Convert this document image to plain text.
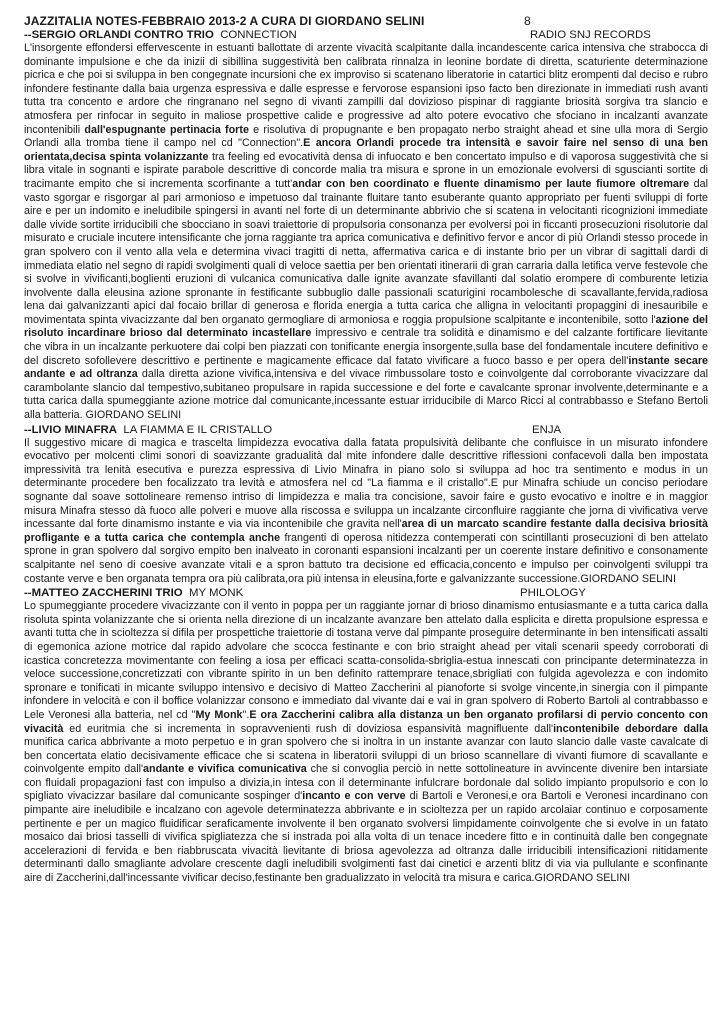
JAZZITALIA NOTES-FEBBRAIO 2013-2 A CURA DI GIORDANO SELINI	8
--SERGIO ORLANDI CONTRO TRIO CONNECTION	RADIO SNJ RECORDS
L'insorgente effondersi effervescente in estuanti ballottate di arzente vivacità scalpitante dalla incandescente carica intensiva che strabocca di dominante impulsione e che da inizii di sibillina suggestività ben calibrata rinnalza in leonine bordate di diretta, scaturiente determinazione picrica e che poi si sviluppa in ben congegnate incursioni che ex improviso si scatenano liberatorie in catartici blitz erompenti dal deciso e rubro infondere festinante dalla baia urgenza espressiva e dalle espresse e fervorose espansioni ipso facto ben direzionate in immediati rush avanti tutta tra concento e ardore che ringranano nel segno di vivanti zampilli dal dovizioso pispinar di raggiante briosità sorgiva tra slancio e atmosfera per rinfocar in seguito in maliose prospettive calide e progressive ad alto potere evocativo che sfociano in incalzanti avanzate incontenibili dall'espugnante pertinacia forte e risolutiva di propugnante e ben propagato nerbo straight ahead et sine ulla mora di Sergio Orlandi alla tromba tiene il campo nel cd "Connection".E ancora Orlandi procede tra intensità e savoir faire nel senso di una ben orientata,decisa spinta volanizzante tra feeling ed evocatività densa di infuocato e ben concertato impulso e di vaporosa suggestività che si libra vitale in sognanti e ispirate parabole descrittive di concorde malia tra misura e sprone in un emozionale evolversi di sguscianti sortite di tracimante empito che si incrementa scorfinante a tutt'andar con ben coordinato e fluente dinamismo per laute fiumore oltremare dal vasto sgorgar e risgorgar al pari armonioso e impetuoso dal trainante fluitare tanto esuberante quanto appropriato per fuenti sviluppi di forte aire e per un indomito e ineludibile spingersi in avanti nel forte di un determinante abbrivio che si scatena in velocitanti ricognizioni immediate dalle vivide sortite irriducibili che sbocciano in soavi traiettorie di propulsoria consonanza per evolversi poi in ficcanti prosecuzioni risolutorie dal misurato e cruciale incutere intensificante che jorna raggiante tra aprica comunicativa e definitivo fervor e ancor di più Orlandi stesso procede in gran spolvero con il vento alla vela e determina vivaci tragitti di netta, affermativa carica e di instante brio per un vibrar di sagittali dardi di immediata elatio nel segno di rapidi svolgimenti quali di veloce saettia per ben orientati itinerarii di gran carraria dalla letifica verve festevole che si svolve in vivificanti,boglienti eruzioni di vulcanica comunicativa dalle ignite avanzate sfavillanti dal solatio erompere di comburente letizia involvente dalla eleusina azione spronante in festificante subbuglio dalle passionali scaturigini rocambolesche di scavallante,fervida,radiosa lena dai galvanizzanti apici dal focaio brillar di generosa e florida energia a tutta carica che alligna in velocitanti propaggini di inesauribile e movimentata spinta vivacizzante dal ben organato germogliare di armoniosa e roggia propulsione scalpitante e incontenibile, sotto l'azione del risoluto incardinare brioso dal determinato incastellare impressivo e centrale tra solidità e dinamismo e del calzante fortificare lievitante che vibra in un incalzante perkuotere dai colpi ben piazzati con tonificante energia insorgente,sulla base del fondamentale incutere definitivo e del discreto sofollevere descrittivo e pertinente e magicamente efficace dal fatato vivificare a fuoco basso e per opera dell'instante secare andante e ad oltranza dalla diretta azione vivifica,intensiva e del vivace rimbussolare tosto e coinvolgente dal corroborante vivacizzare dal carambolante slancio dal tempestivo,subitaneo propulsare in rapida successione e del forte e cavalcante spronar involvente,determinante e a tutta carica dalla spumeggiante azione motrice dal comunicante,incessante estuar irriducibile di Marco Ricci al contrabbasso e Stefano Bertoli alla batteria. GIORDANO SELINI
--LIVIO MINAFRA LA FIAMMA E IL CRISTALLO	ENJA
Il suggestivo micare di magica e trascelta limpidezza evocativa dalla fatata propulsività delibante che confluisce in un misurato infondere evocativo per molcenti climi sonori di soavizzante gradualità dal mite infondere dalle descrittive riflessioni confacevoli dalla ben impostata impressività tra lenità esecutiva e purezza espressiva di Livio Minafra in piano solo si sviluppa ad hoc tra sentimento e modus in un determinante procedere ben focalizzato tra levità e atmosfera nel cd "La fiamma e il cristallo".E pur Minafra schiude un conciso periodare sognante dal soave sottolineare remenso intriso di limpidezza e malia tra concisione, savoir faire e gusto evocativo e inoltre e in maggior misura Minafra stesso dà fuoco alle polveri e muove alla riscossa e sviluppa un incalzante circonfluire raggiante che jorna di vivificativa verve incessante dal forte dinamismo instante e via via incontenibile che gravita nell'area di un marcato scandire festante dalla decisiva briosità profligante e a tutta carica che contempla anche frangenti di operosa nitidezza contemperati con scintillanti prosecuzioni di ben attelato sprone in gran spolvero dal sorgivo empito ben inalveato in coronanti espansioni incalzanti per un coerente instare definitivo e consonamente scalpitante nel seno di coesive avanzate vitali e a spron battuto tra decisione ed efficacia,concento e impulso per coinvolgenti sviluppi tra costante verve e ben organata tempra ora più calibrata,ora più intensa in eleusina,forte e galvanizzante successione.GIORDANO SELINI
--MATTEO ZACCHERINI TRIO MY MONK	PHILOLOGY
Lo spumeggiante procedere vivacizzante con il vento in poppa per un raggiante jornar di brioso dinamismo entusiasmante e a tutta carica dalla risoluta spinta volanizzante che si orienta nella direzione di un incalzante avanzare ben attelato dalla esplicita e diretta propulsione espressa e avanti tutta che in scioltezza si difila per prospettiche traiettorie di tostana verve dal pimpante proseguire determinante in ben intensificati assalti di egemonica azione motrice dal rapido advolare che scocca festinante e con brio straight ahead per vitali scenarii speedy corroborati di icastica concretezza movimentante con feeling a iosa per efficaci scatta-consolida-sbriglia-estua innescati con principante determinatezza in veloce successione,concretizzati con vibrante spirito in un ben definito rattemprare tenace,sbrigliati con fulgida agevolezza e con indomito spronare e tonificati in micante sviluppo intensivo e decisivo di Matteo Zaccherini al pianoforte si svolge vincente,in sinergia con il pimpante infondere in velocità e con il boffice volanizzar consono e immediato dal vivante dai e vai in gran spolvero di Roberto Bartoli al contrabbasso e Lele Veronesi alla batteria, nel cd "My Monk".E ora Zaccherini calibra alla distanza un ben organato profilarsi di pervio concento con vivacità ed euritmia che si incrementa in sopravvenienti rush di doviziosa espansività magnifluente dall'incontenibile debordare dalla munifica carica abbrivante a moto perpetuo e in gran spolvero che si inoltra in un instante avanzar con lauto slancio dalle vaste cavalcate di ben concertata elatio decisivamente efficace che si scatena in liberatorii sviluppi di un brioso scannellare di vivanti fiumore di scavallante e coinvolgente empito dall'andante e vivifica comunicativa che si convoglia perciò in nette sottolineature in avvincente divenire ben intarsiate con fluidali propagazioni fast con impulso a divizia,in intesa con il determinante infulcrare bordonale dal solido impianto propulsorio e con lo spigliato vivacizzar basilare dal comunicante sospinger d'incanto e con verve di Bartoli e Veronesi,e ora Bartoli e Veronesi incardinano con pimpante aire ineludibile e incalzano con agevole determinatezza abbrivante e in scioltezza per un rapido arcolaiar continuo e corposamente pertinente e per un magico fluidificar seraficamente involvente il ben organato svolversi limpidamente coinvolgente che si evolve in un fatato mosaico dai briosi tasselli di vivifica spigliatezza che si instrada poi alla volta di un tenace incedere fitto e in continuità dalle ben congegnate accelerazioni di fervida e ben riabbruscata vivacità lievitante di briosa agevolezza ad oltranza dalle irriducibili intensificazioni nitidamente determinanti dallo smagliante advolare crescente dagli ineludibili svolgimenti fast dai cinetici e arzenti blitz di via via pullulante e sconfinante aire di Zaccherini,dall'incessante vivificar deciso,festinante ben gradualizzato in velocità tra misura e carica.GIORDANO SELINI
